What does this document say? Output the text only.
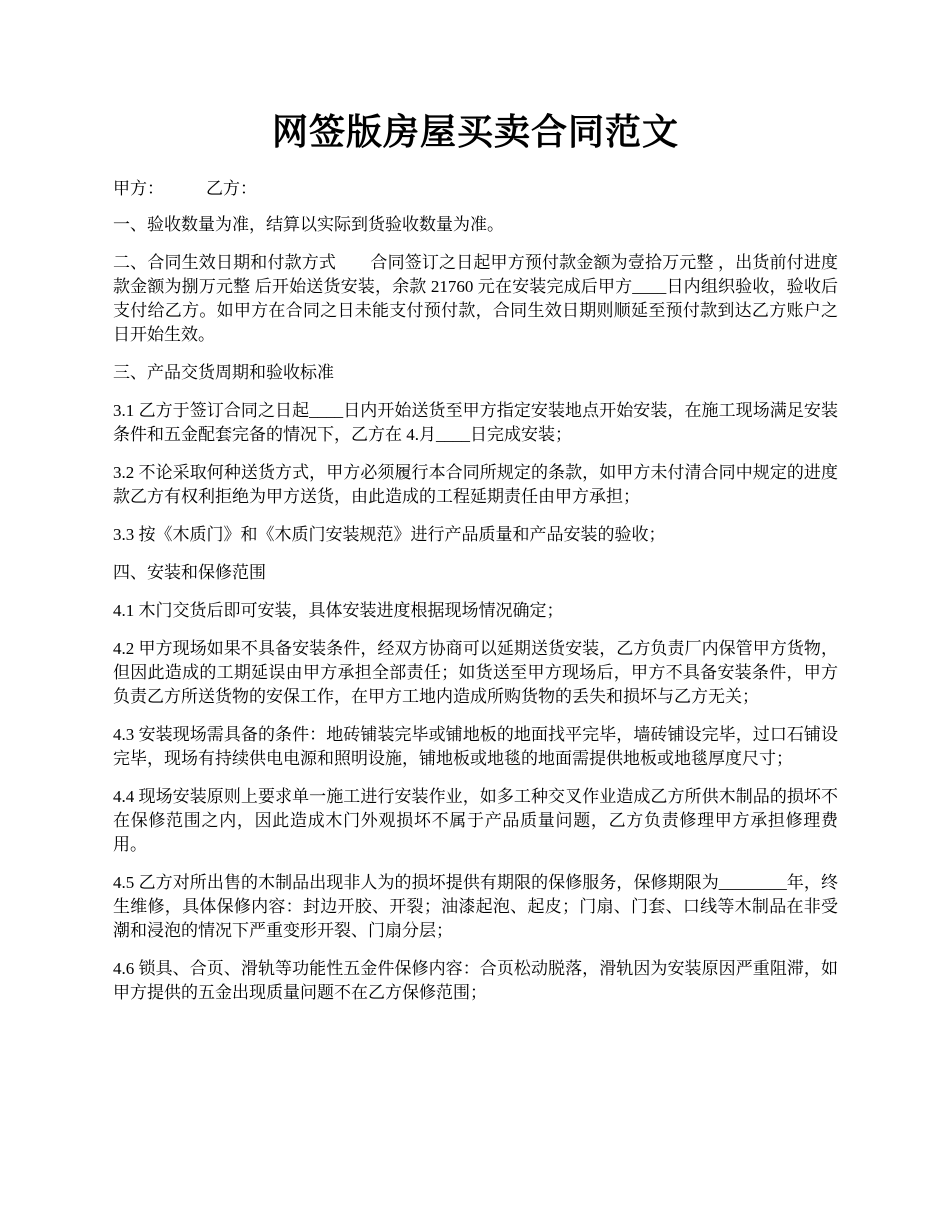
网签版房屋买卖合同范文
甲方： 乙方：

一、验收数量为准，结算以实际到货验收数量为准。

二、合同生效日期和付款方式　　合同签订之日起甲方预付款金额为壹拾万元整 ，出货前付进度款金额为捌万元整 后开始送货安装，余款 21760 元在安装完成后甲方____日内组织验收，验收后支付给乙方。如甲方在合同之日未能支付预付款，合同生效日期则顺延至预付款到达乙方账户之日开始生效。

三、产品交货周期和验收标准

3.1 乙方于签订合同之日起____日内开始送货至甲方指定安装地点开始安装，在施工现场满足安装条件和五金配套完备的情况下，乙方在 4.月____日完成安装；

3.2 不论采取何种送货方式，甲方必须履行本合同所规定的条款，如甲方未付清合同中规定的进度款乙方有权利拒绝为甲方送货，由此造成的工程延期责任由甲方承担；

3.3 按《木质门》和《木质门安装规范》进行产品质量和产品安装的验收；

四、安装和保修范围

4.1 木门交货后即可安装，具体安装进度根据现场情况确定；

4.2 甲方现场如果不具备安装条件，经双方协商可以延期送货安装，乙方负责厂内保管甲方货物，但因此造成的工期延误由甲方承担全部责任；如货送至甲方现场后，甲方不具备安装条件，甲方负责乙方所送货物的安保工作，在甲方工地内造成所购货物的丢失和损坏与乙方无关；

4.3 安装现场需具备的条件：地砖铺装完毕或铺地板的地面找平完毕，墙砖铺设完毕，过口石铺设完毕，现场有持续供电电源和照明设施，铺地板或地毯的地面需提供地板或地毯厚度尺寸；

4.4 现场安装原则上要求单一施工进行安装作业，如多工种交叉作业造成乙方所供木制品的损坏不在保修范围之内，因此造成木门外观损坏不属于产品质量问题，乙方负责修理甲方承担修理费用。

4.5 乙方对所出售的木制品出现非人为的损坏提供有期限的保修服务，保修期限为________年，终生维修，具体保修内容：封边开胶、开裂；油漆起泡、起皮；门扇、门套、口线等木制品在非受潮和浸泡的情况下严重变形开裂、门扇分层；

4.6 锁具、合页、滑轨等功能性五金件保修内容：合页松动脱落，滑轨因为安装原因严重阻滞，如甲方提供的五金出现质量问题不在乙方保修范围；
